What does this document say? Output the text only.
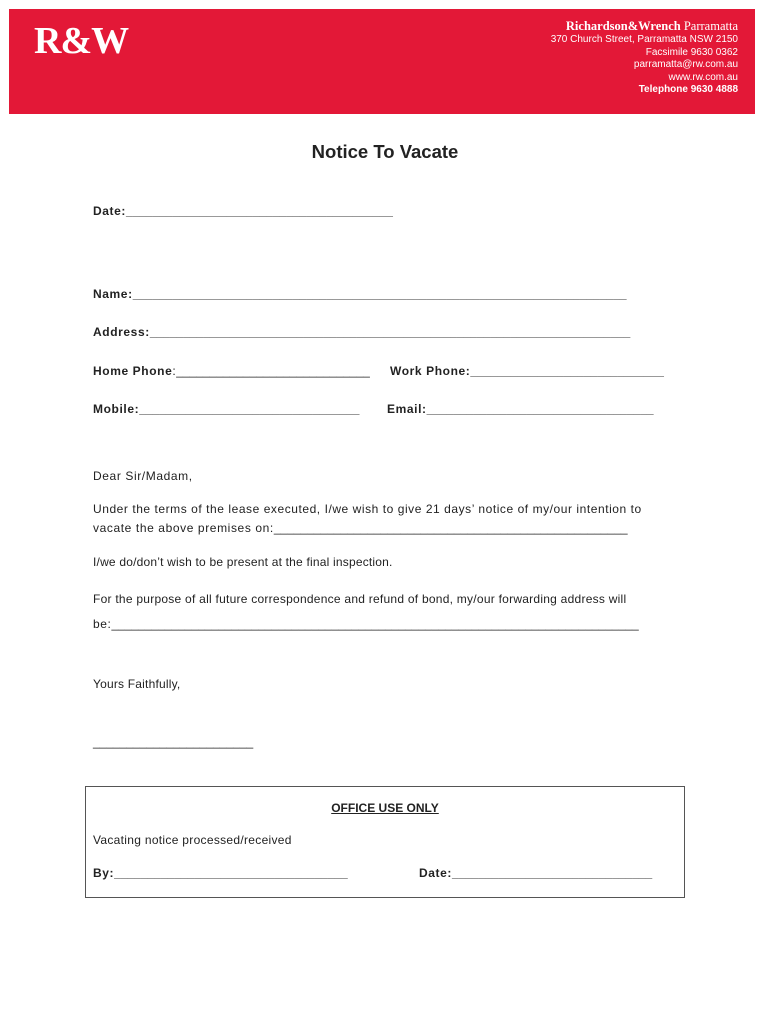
R&W	Richardson&Wrench Parramatta
370 Church Street, Parramatta NSW 2150
Facsimile 9630 0362
parramatta@rw.com.au
www.rw.com.au
Telephone 9630 4888
Notice To Vacate
Date:________________________________________
Name:__________________________________________________________________________
Address:________________________________________________________________________
Home Phone:_____________________________ Work Phone:_____________________________
Mobile:_________________________________ Email:__________________________________
Dear Sir/Madam,
Under the terms of the lease executed, I/we wish to give 21 days’ notice of my/our intention to
vacate the above premises on:_____________________________________________________
I/we do/don’t wish to be present at the final inspection.
For the purpose of all future correspondence and refund of bond, my/our forwarding address will
be:_______________________________________________________________________________
Yours Faithfully,
________________________
OFFICE USE ONLY
Vacating notice processed/received
By:___________________________________	Date:______________________________
